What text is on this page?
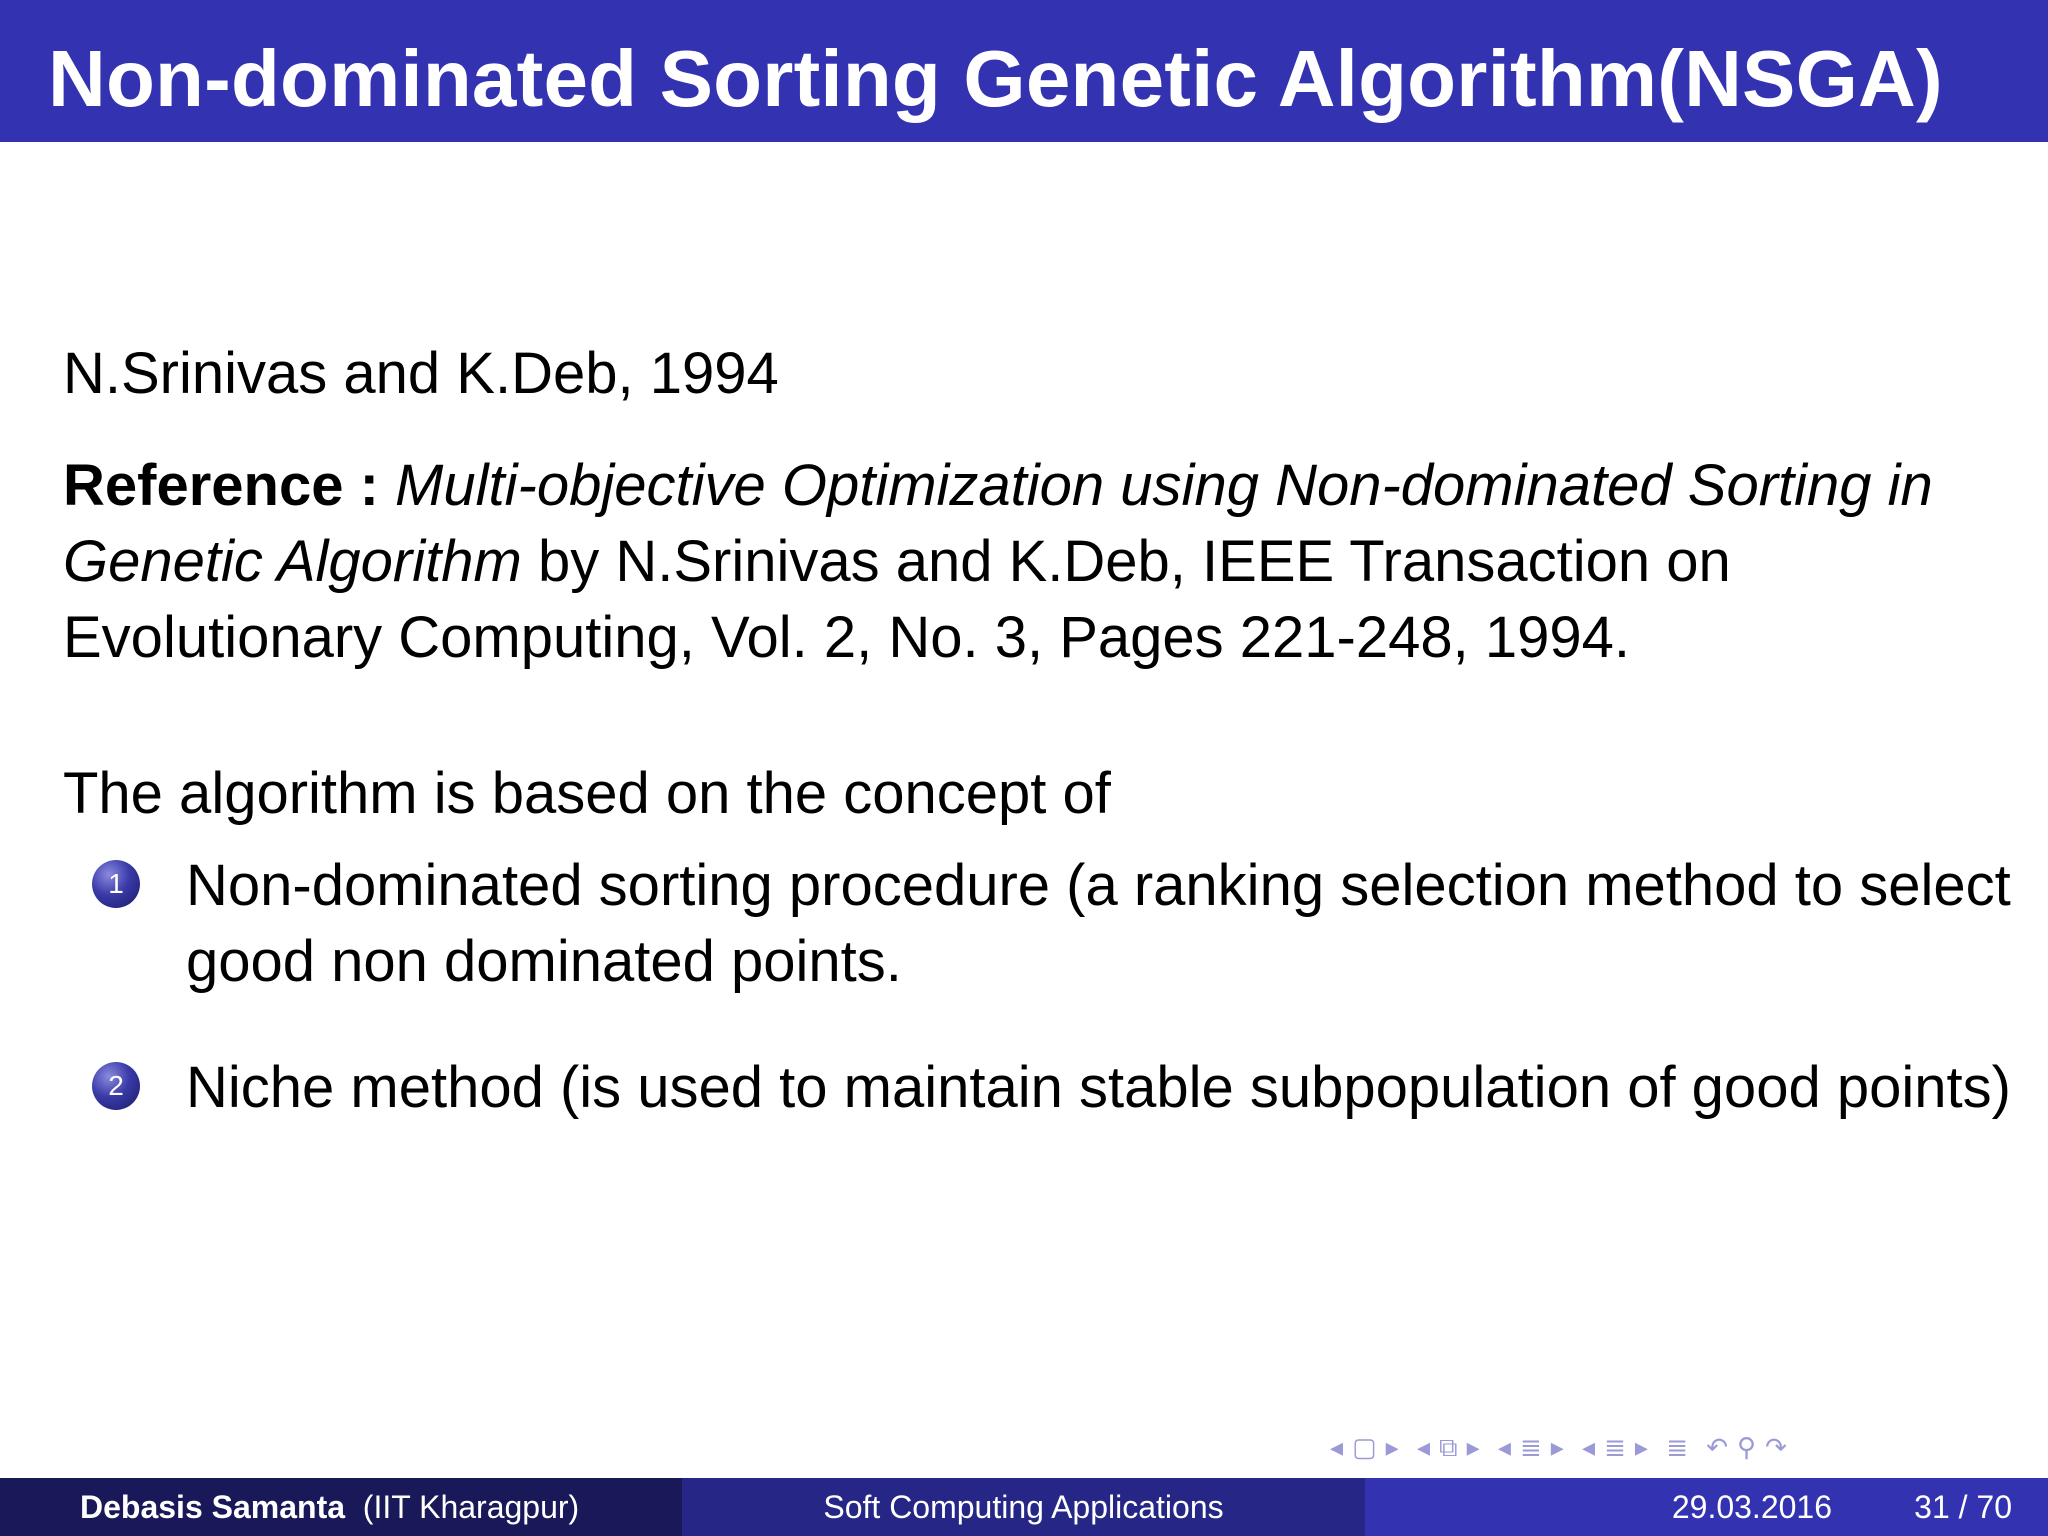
Non-dominated Sorting Genetic Algorithm(NSGA)
N.Srinivas and K.Deb, 1994
Reference : Multi-objective Optimization using Non-dominated Sorting in Genetic Algorithm by N.Srinivas and K.Deb, IEEE Transaction on Evolutionary Computing, Vol. 2, No. 3, Pages 221-248, 1994.
The algorithm is based on the concept of
1 Non-dominated sorting procedure (a ranking selection method to select good non dominated points.
2 Niche method (is used to maintain stable subpopulation of good points)
◂ ▢ ▸ ◂ ⧉ ▸ ◂ ≣ ▸ ◂ ≣ ▸ ≣ ↶ ⚲ ↷
Debasis Samanta (IIT Kharagpur)	Soft Computing Applications	29.03.2016	31 / 70
